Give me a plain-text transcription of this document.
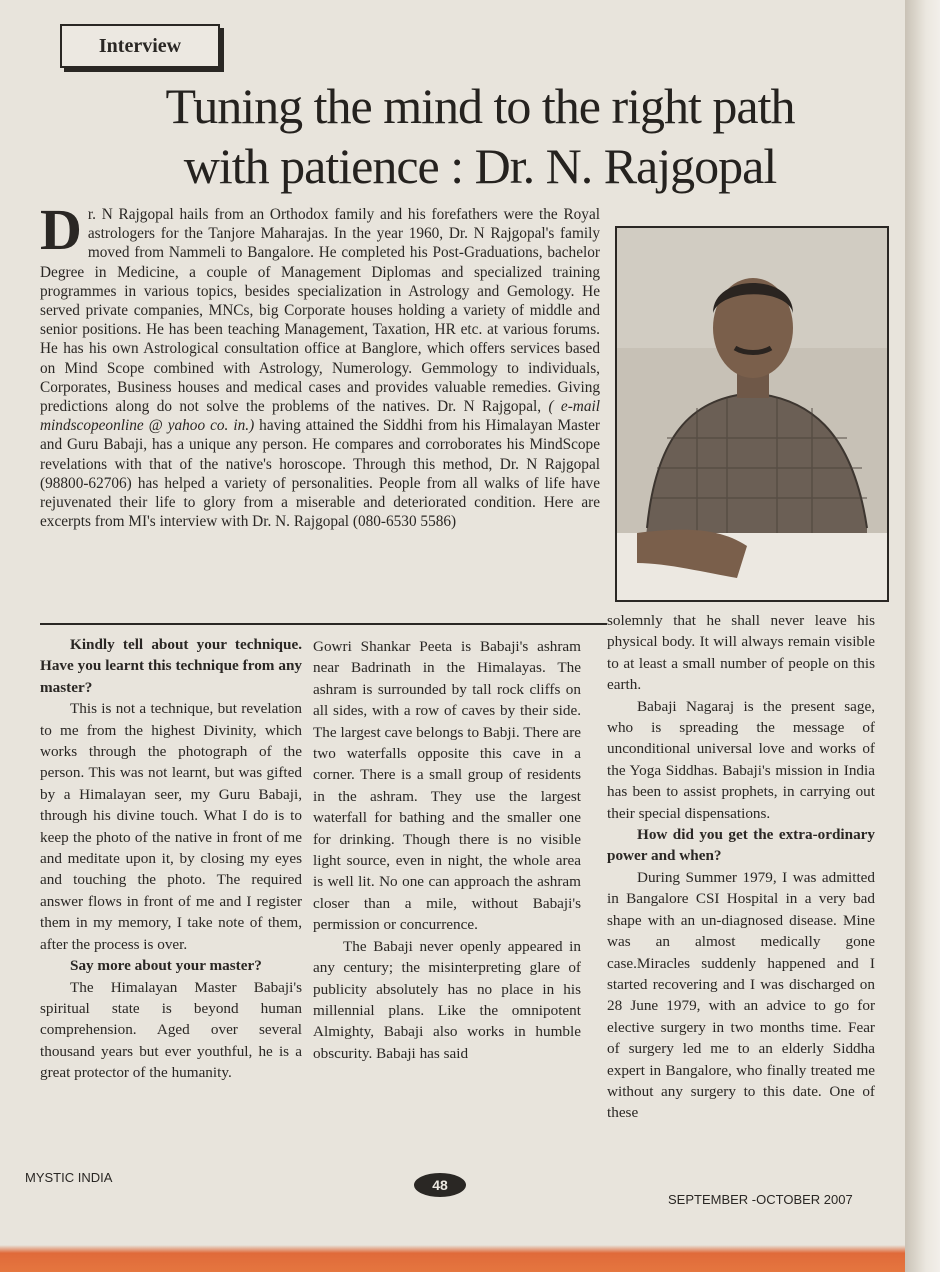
Interview
Tuning the mind to the right path
with patience : Dr. N. Rajgopal
Dr. N Rajgopal hails from an Orthodox family and his forefathers were the Royal astrologers for the Tanjore Maharajas. In the year 1960, Dr. N Rajgopal's family moved from Nammeli to Bangalore. He completed his Post-Graduations, bachelor Degree in Medicine, a couple of Management Diplomas and specialized training programmes in various topics, besides specialization in Astrology and Gemology. He served private companies, MNCs, big Corporate houses holding a variety of middle and senior positions. He has been teaching Management, Taxation, HR etc. at various forums. He has his own Astrological consultation office at Banglore, which offers services based on Mind Scope combined with Astrology, Numerology. Gemmology to individuals, Corporates, Business houses and medical cases and provides valuable remedies. Giving predictions along do not solve the problems of the natives. Dr. N Rajgopal, ( e-mail mindscopeonline @ yahoo co. in.) having attained the Siddhi from his Himalayan Master and Guru Babaji, has a unique any person. He compares and corroborates his MindScope revelations with that of the native's horoscope. Through this method, Dr. N Rajgopal (98800-62706) has helped a variety of personalities. People from all walks of life have rejuvenated their life to glory from a miserable and deteriorated condition. Here are excerpts from MI's interview with Dr. N. Rajgopal (080-6530 5586)

Kindly tell about your technique. Have you learnt this technique from any master?

This is not a technique, but revelation to me from the highest Divinity, which works through the photograph of the person. This was not learnt, but was gifted by a Himalayan seer, my Guru Babaji, through his divine touch. What I do is to keep the photo of the native in front of me and meditate upon it, by closing my eyes and touching the photo. The required answer flows in front of me and I register them in my memory, I take note of them, after the process is over.

Say more about your master?

The Himalayan Master Babaji's spiritual state is beyond human comprehension. Aged over several thousand years but ever youthful, he is a great protector of the humanity.

Gowri Shankar Peeta is Babaji's ashram near Badrinath in the Himalayas. The ashram is surrounded by tall rock cliffs on all sides, with a row of caves by their side. The largest cave belongs to Babji. There are two waterfalls opposite this cave in a corner. There is a small group of residents in the ashram. They use the largest waterfall for bathing and the smaller one for drinking. Though there is no visible light source, even in night, the whole area is well lit. No one can approach the ashram closer than a mile, without Babaji's permission or concurrence.

The Babaji never openly appeared in any century; the misinterpreting glare of publicity absolutely has no place in his millennial plans. Like the omnipotent Almighty, Babaji also works in humble obscurity. Babaji has said

solemnly that he shall never leave his physical body. It will always remain visible to at least a small number of people on this earth.

Babaji Nagaraj is the present sage, who is spreading the message of unconditional universal love and works of the Yoga Siddhas. Babaji's mission in India has been to assist prophets, in carrying out their special dispensations.

How did you get the extra-ordinary power and when?

During Summer 1979, I was admitted in Bangalore CSI Hospital in a very bad shape with an un-diagnosed disease. Mine was an almost medically gone case.Miracles suddenly happened and I started recovering and I was discharged on 28 June 1979, with an advice to go for elective surgery in two months time. Fear of surgery led me to an elderly Siddha expert in Bangalore, who finally treated me without any surgery to this date. One of these

MYSTIC INDIA	48
SEPTEMBER -OCTOBER 2007
